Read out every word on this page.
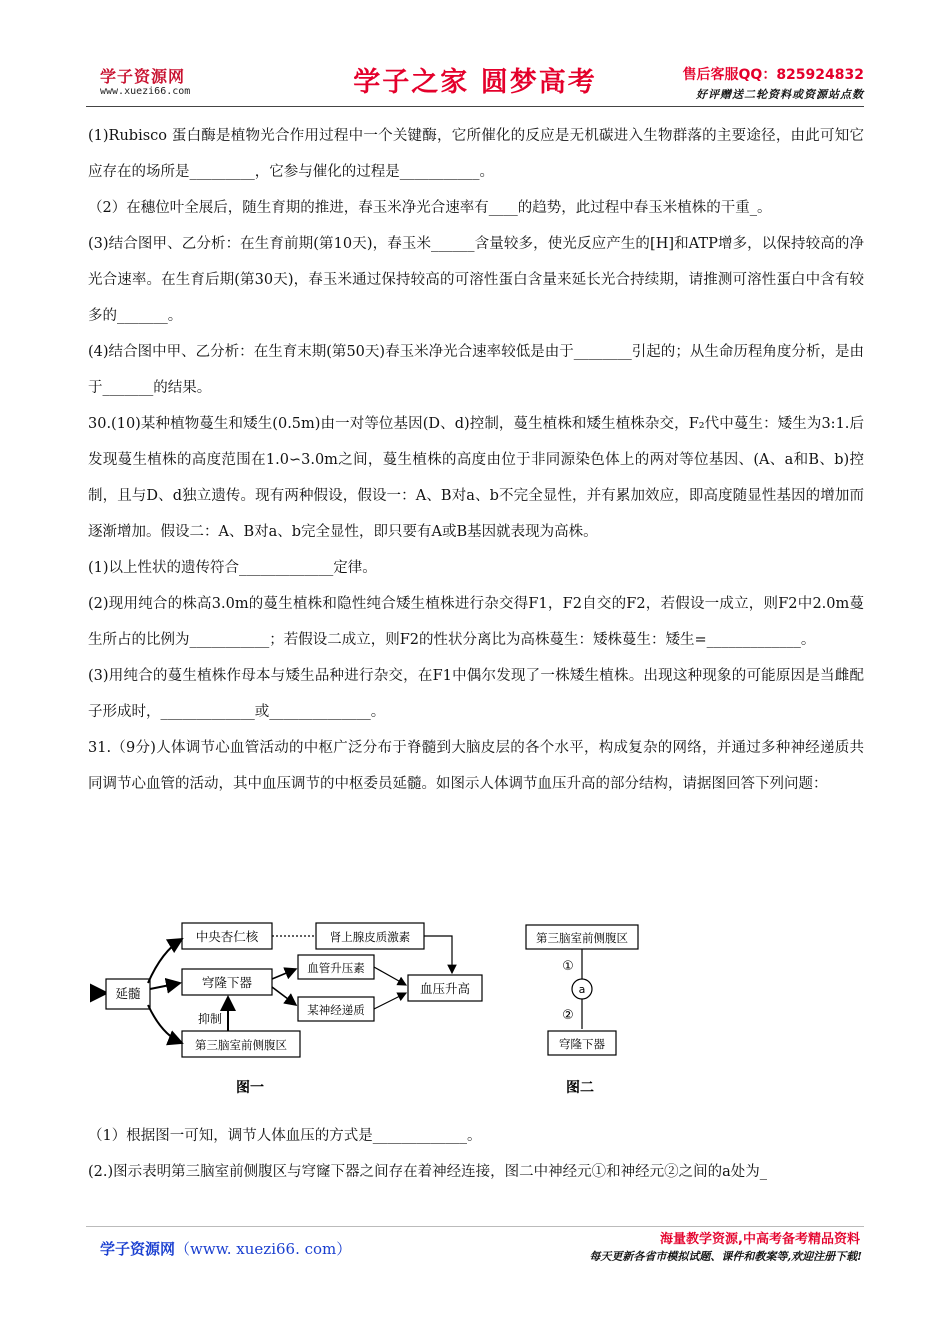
学子资源网
www.xuezi66.com	学子之家 圆梦高考	售后客服QQ：825924832
好评赠送二轮资料或资源站点数

(1)Rubisco 蛋白酶是植物光合作用过程中一个关键酶，它所催化的反应是无机碳进入生物群落的主要途径，由此可知它应存在的场所是_________，它参与催化的过程是___________。

（2）在穗位叶全展后，随生育期的推进，春玉米净光合速率有____的趋势，此过程中春玉米植株的干重_。

(3)结合图甲、乙分析：在生育前期(第10天)，春玉米______含量较多，使光反应产生的[H]和ATP增多，以保持较高的净光合速率。在生育后期(第30天)，春玉米通过保持较高的可溶性蛋白含量来延长光合持续期，请推测可溶性蛋白中含有较多的_______。

(4)结合图中甲、乙分析：在生育末期(第50天)春玉米净光合速率较低是由于________引起的；从生命历程角度分析，是由于_______的结果。

30.(10)某种植物蔓生和矮生(0.5m)由一对等位基因(D、d)控制，蔓生植株和矮生植株杂交，F₂代中蔓生：矮生为3:1.后发现蔓生植株的高度范围在1.0∽3.0m之间，蔓生植株的高度由位于非同源染色体上的两对等位基因、(A、a和B、b)控制，且与D、d独立遗传。现有两种假设，假设一：A、B对a、b不完全显性，并有累加效应，即高度随显性基因的增加而逐渐增加。假设二：A、B对a、b完全显性，即只要有A或B基因就表现为高株。

(1)以上性状的遗传符合_____________定律。

(2)现用纯合的株高3.0m的蔓生植株和隐性纯合矮生植株进行杂交得F1，F2自交的F2，若假设一成立，则F2中2.0m蔓生所占的比例为___________；若假设二成立，则F2的性状分离比为高株蔓生：矮株蔓生：矮生=_____________。

(3)用纯合的蔓生植株作母本与矮生品种进行杂交，在F1中偶尔发现了一株矮生植株。出现这种现象的可能原因是当雌配子形成时，_____________或______________。

31.（9分)人体调节心血管活动的中枢广泛分布于脊髓到大脑皮层的各个水平，构成复杂的网络，并通过多种神经递质共同调节心血管的活动，其中血压调节的中枢委员延髓。如图示人体调节血压升高的部分结构，请据图回答下列问题：

延髓
中央杏仁核
穹隆下器
第三脑室前侧腹区
肾上腺皮质激素
血管升压素
某神经递质
血压升高
抑制
图一
第三脑室前侧腹区
①
a
②
穹隆下器
图二

（1）根据图一可知，调节人体血压的方式是_____________。

(2.)图示表明第三脑室前侧腹区与穹窿下器之间存在着神经连接，图二中神经元①和神经元②之间的a处为_

学子资源网（www. xuezi66. com）
海量教学资源,中高考备考精品资料
每天更新各省市模拟试题、课件和教案等,欢迎注册下载!
